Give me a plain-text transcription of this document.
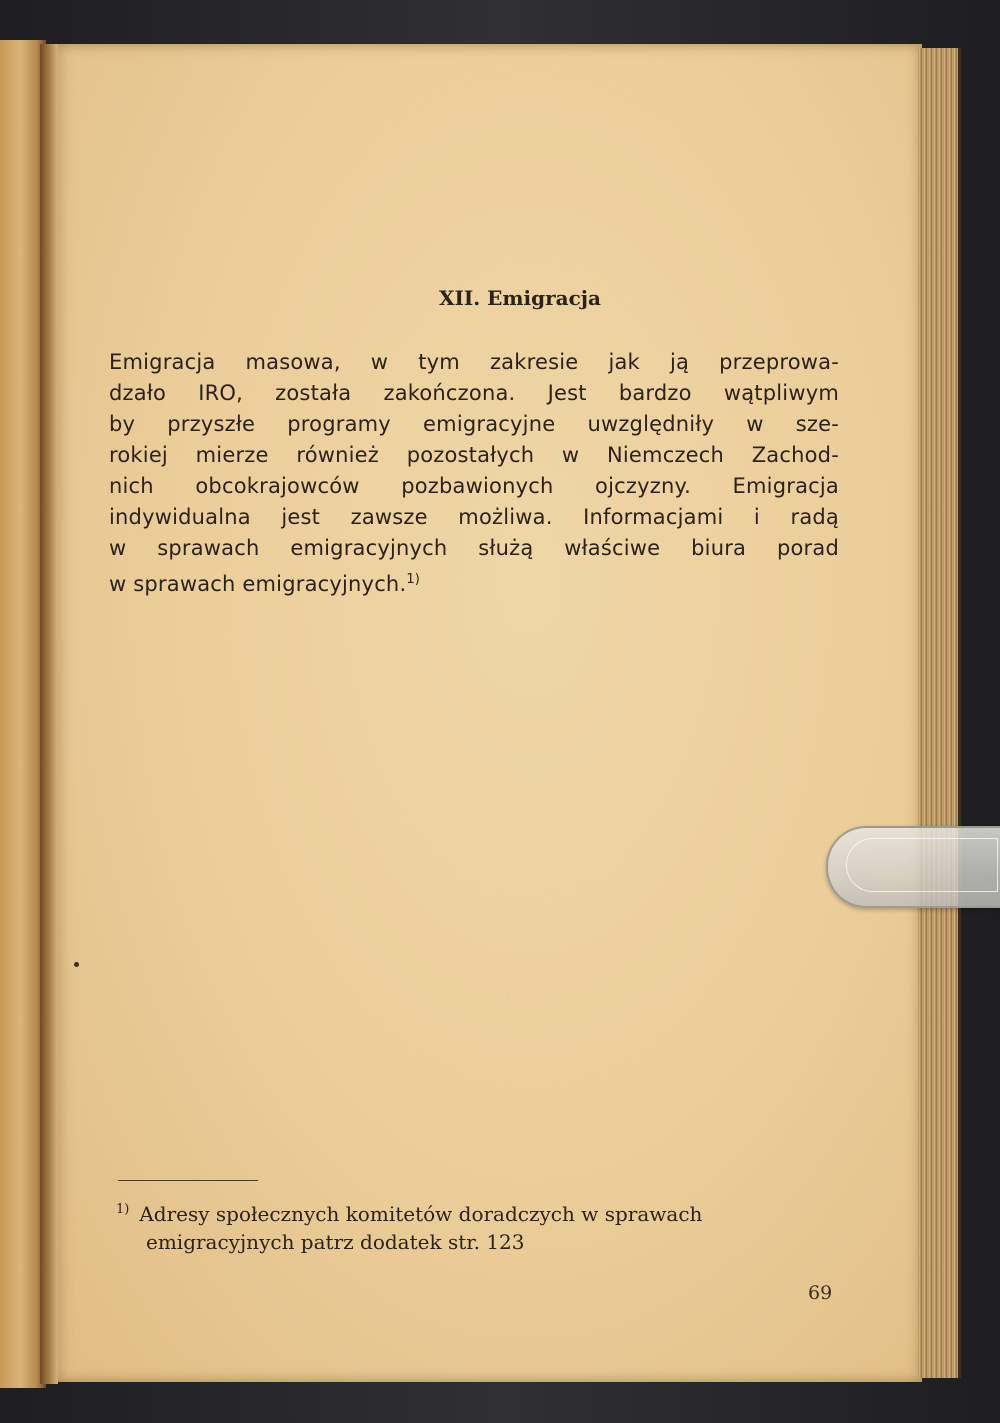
XII. Emigracja
Emigracja masowa, w tym zakresie jak ją przeprowa-
dzało IRO, została zakończona. Jest bardzo wątpliwym
by przyszłe programy emigracyjne uwzględniły w sze-
rokiej mierze również pozostałych w Niemczech Zachod-
nich obcokrajowców pozbawionych ojczyzny. Emigracja
indywidualna jest zawsze możliwa. Informacjami i radą
w sprawach emigracyjnych służą właściwe biura porad
w sprawach emigracyjnych.$^{1)}$
$^{1)}$ Adresy społecznych komitetów doradczych w sprawach
emigracyjnych patrz dodatek str. 123
69
